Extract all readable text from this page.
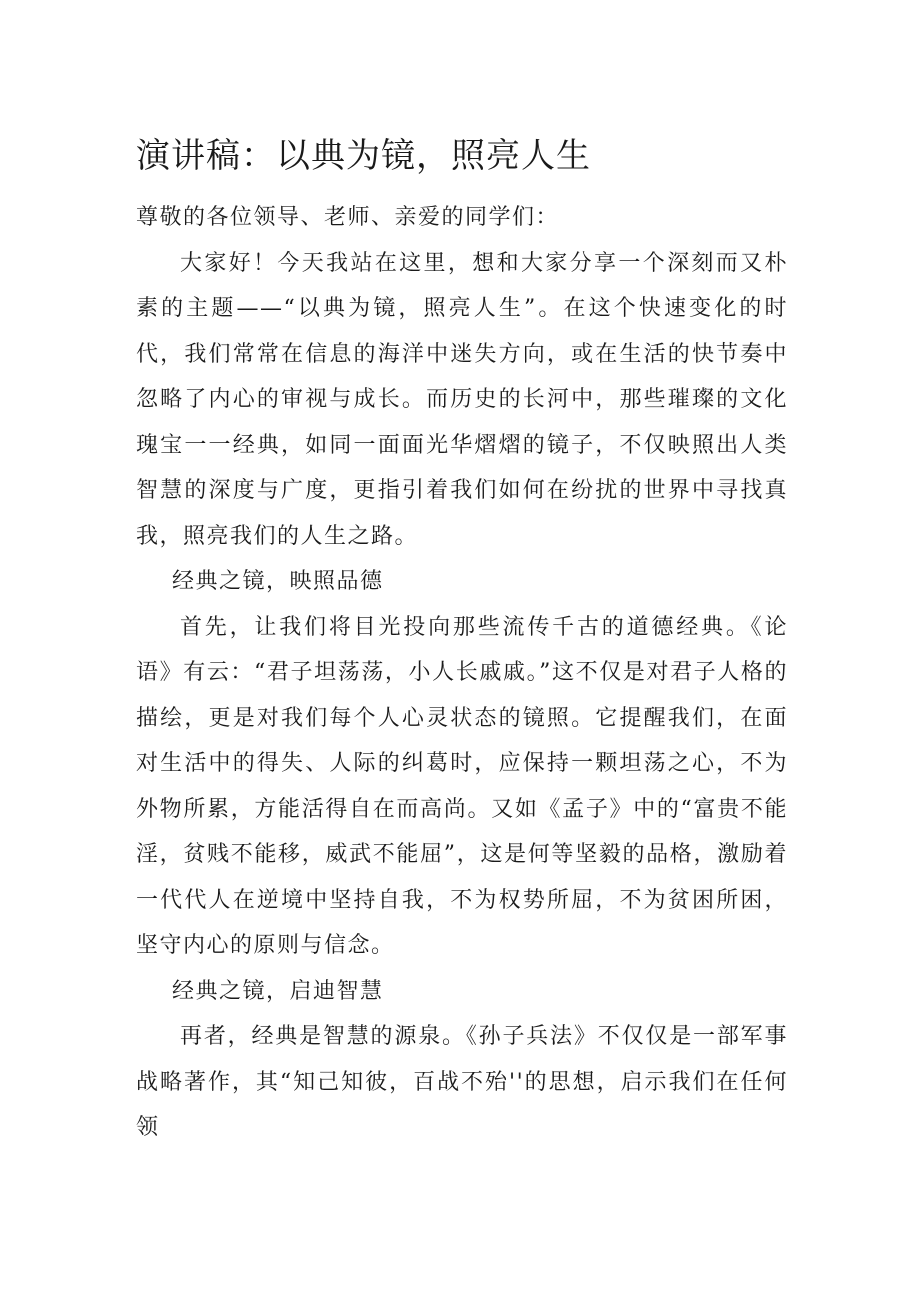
演讲稿：以典为镜，照亮人生

尊敬的各位领导、老师、亲爱的同学们：

大家好！今天我站在这里，想和大家分享一个深刻而又朴素的主题——“以典为镜，照亮人生”。在这个快速变化的时代，我们常常在信息的海洋中迷失方向，或在生活的快节奏中忽略了内心的审视与成长。而历史的长河中，那些璀璨的文化瑰宝一一经典，如同一面面光华熠熠的镜子，不仅映照出人类智慧的深度与广度，更指引着我们如何在纷扰的世界中寻找真我，照亮我们的人生之路。

经典之镜，映照品德

首先，让我们将目光投向那些流传千古的道德经典。《论语》有云：“君子坦荡荡，小人长戚戚。”这不仅是对君子人格的描绘，更是对我们每个人心灵状态的镜照。它提醒我们，在面对生活中的得失、人际的纠葛时，应保持一颗坦荡之心，不为外物所累，方能活得自在而高尚。又如《孟子》中的“富贵不能淫，贫贱不能移，威武不能屈”，这是何等坚毅的品格，激励着一代代人在逆境中坚持自我，不为权势所屈，不为贫困所困，坚守内心的原则与信念。

经典之镜，启迪智慧

再者，经典是智慧的源泉。《孙子兵法》不仅仅是一部军事战略著作，其“知己知彼，百战不殆''的思想，启示我们在任何领
